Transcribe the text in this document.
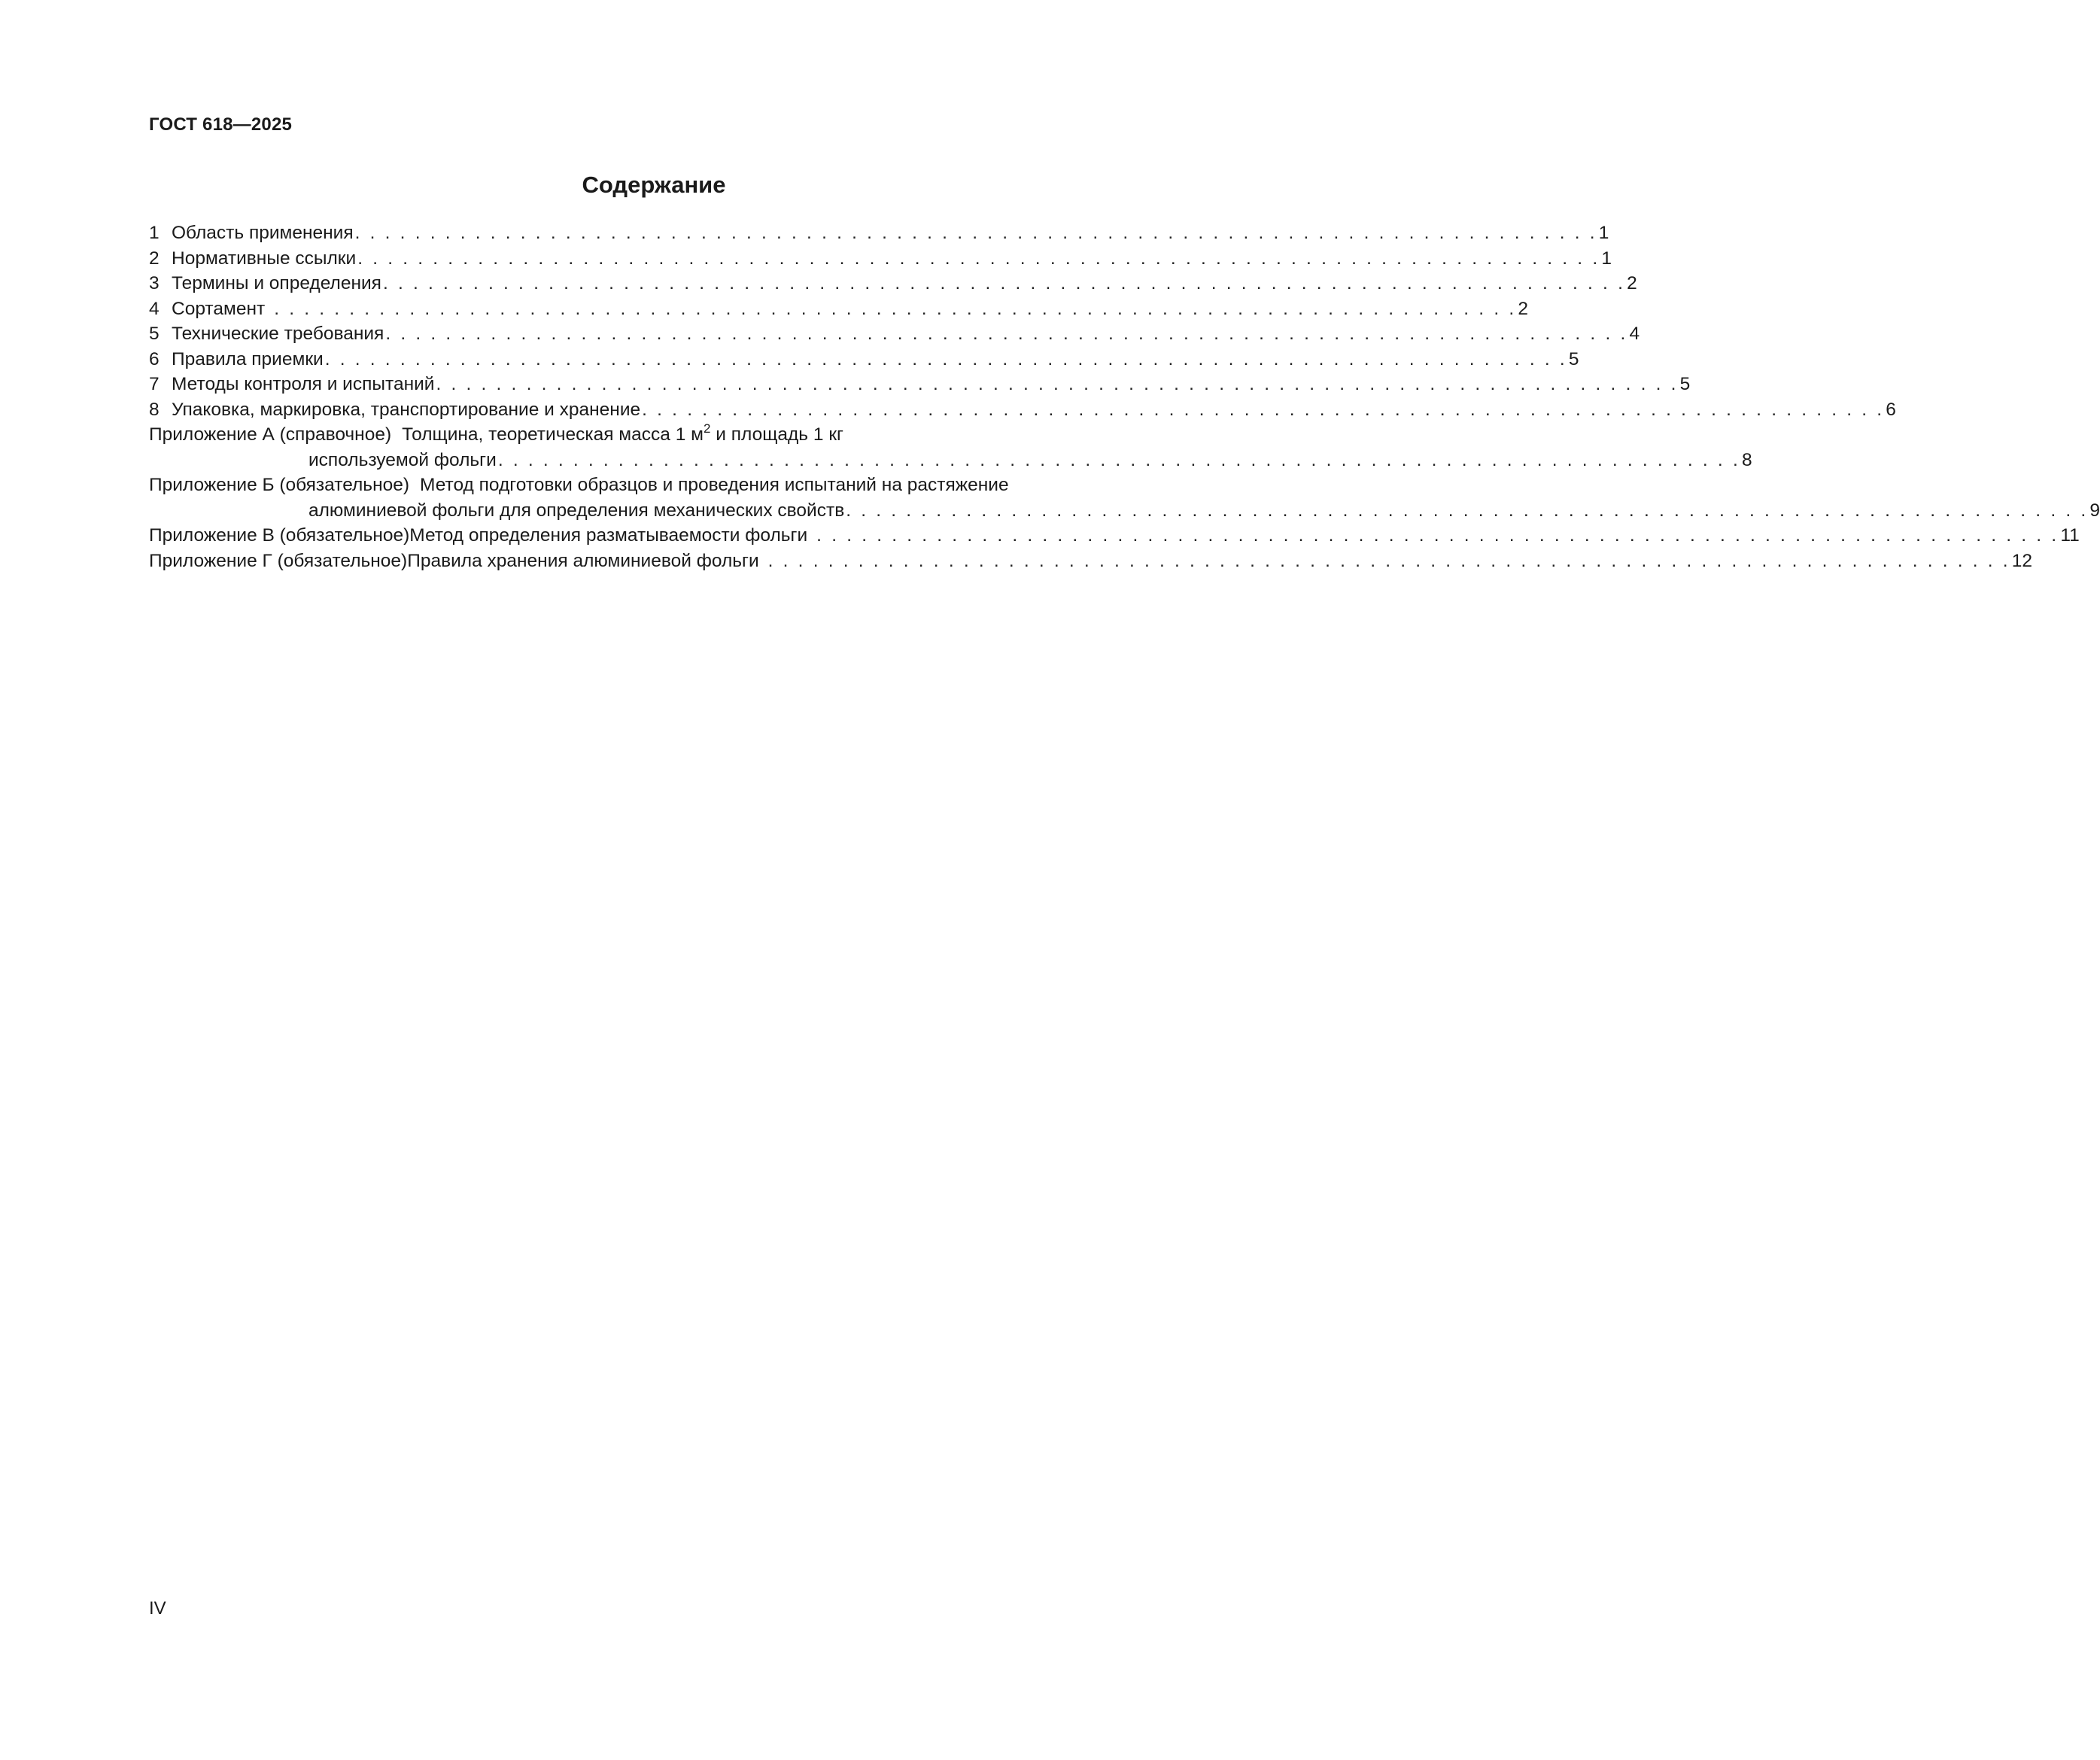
ГОСТ 618—2025
Содержание
1 Область применения . . . . . . . . . . . . . . . . . . . . . . . . . . . . . . . . . . . . . . . . . . . . . . . . . . . . . . . . . . . . . . . . . . . . . . . . . . . . . . . . . . . 1
2 Нормативные ссылки . . . . . . . . . . . . . . . . . . . . . . . . . . . . . . . . . . . . . . . . . . . . . . . . . . . . . . . . . . . . . . . . . . . . . . . . . . . . . . . . . . . 1
3 Термины и определения . . . . . . . . . . . . . . . . . . . . . . . . . . . . . . . . . . . . . . . . . . . . . . . . . . . . . . . . . . . . . . . . . . . . . . . . . . . . . . . . . . . 2
4 Сортамент . . . . . . . . . . . . . . . . . . . . . . . . . . . . . . . . . . . . . . . . . . . . . . . . . . . . . . . . . . . . . . . . . . . . . . . . . . . . . . . . . . . 2
5 Технические требования . . . . . . . . . . . . . . . . . . . . . . . . . . . . . . . . . . . . . . . . . . . . . . . . . . . . . . . . . . . . . . . . . . . . . . . . . . . . . . . . . . . 4
6 Правила приемки . . . . . . . . . . . . . . . . . . . . . . . . . . . . . . . . . . . . . . . . . . . . . . . . . . . . . . . . . . . . . . . . . . . . . . . . . . . . . . . . . . . 5
7 Методы контроля и испытаний . . . . . . . . . . . . . . . . . . . . . . . . . . . . . . . . . . . . . . . . . . . . . . . . . . . . . . . . . . . . . . . . . . . . . . . . . . . . . . . . . . . 5
8 Упаковка, маркировка, транспортирование и хранение . . . . . . . . . . . . . . . . . . . . . . . . . . . . . . . . . . . . . . . . . . . . . . . . . . . . . . . . . . . . . . . . . . . . . . . . . . . . . . . . . . . 6
Приложение А (справочное) Толщина, теоретическая масса 1 $м^2$ и площадь 1 кг
используемой фольги . . . . . . . . . . . . . . . . . . . . . . . . . . . . . . . . . . . . . . . . . . . . . . . . . . . . . . . . . . . . . . . . . . . . . . . . . . . . . . . . . . . 8
Приложение Б (обязательное) Метод подготовки образцов и проведения испытаний на растяжение
алюминиевой фольги для определения механических свойств . . . . . . . . . . . . . . . . . . . . . . . . . . . . . . . . . . . . . . . . . . . . . . . . . . . . . . . . . . . . . . . . . . . . . . . . . . . . . . . . . . . 9
Приложение В (обязательное) Метод определения разматываемости фольги . . . . . . . . . . . . . . . . . . . . . . . . . . . . . . . . . . . . . . . . . . . . . . . . . . . . . . . . . . . . . . . . . . . . . . . . . . . . . . . . . . . 11
Приложение Г (обязательное) Правила хранения алюминиевой фольги . . . . . . . . . . . . . . . . . . . . . . . . . . . . . . . . . . . . . . . . . . . . . . . . . . . . . . . . . . . . . . . . . . . . . . . . . . . . . . . . . . . 12
IV
